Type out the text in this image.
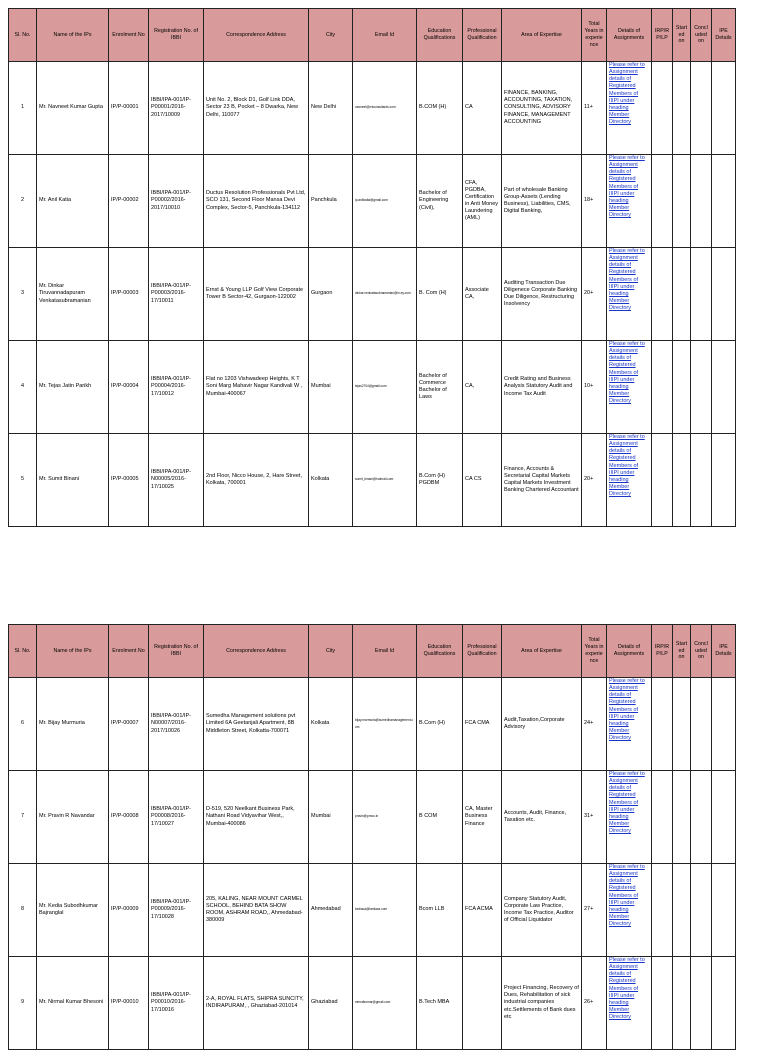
Sl. No.	Name of the IPs	Enrolment No	Registration No. of IBBI	Correspondence Address	City	Email Id	Education Qualifications	Professional Qualification	Area of Expertise	Total Years in experience	Details of Assignments	IRP/RP/LP	Started on	Concluded on	IPE Details
1	Mr. Navneet Kumar Gupta	IP/P-00001	IBBI/IPA-001/IP-P00001/2016-2017/10009	Unit No. 2, Block D1, Golf Link DDA, Sector 23 B, Pocket – 8 Dwarka, New Delhi, 110077	New Delhi	navneet@rrtconsultants.com	B.COM (H)	CA	FINANCE, BANKING, ACCOUNTING, TAXATION, CONSULTING, ADVISORY FINANCE, MANAGEMENT ACCOUNTING	11+	Please refer to Assignment details of Registered Members of IIIPI under heading Member Directory				
2	Mr. Anil Katia	IP/P-00002	IBBI/IPA-001/IP-P00002/2016-2017/10010	Ductus Resolution Professionals Pvt Ltd, SCO 131, Second Floor Mansa Devi Complex, Sector-5, Panchkula-134112	Panchkula	ip.anilkatia@gmail.com	Bachelor of Engineering (Civil),	CFA, PGDBA, Certification in Anti Money Laundering (AML)	Part of wholesale Banking Group-Assets (Lending Business), Liabilities, CMS, Digital Banking,	18+	Please refer to Assignment details of Registered Members of IIIPI under heading Member Directory				
3	Mr. Dinkar Tiruvannadapuram Venkatasubramanian	IP/P-00003	IBBI/IPA-001/IP-P00003/2016-17/10011	Ernst & Young LLP Golf View Corporate Tower B Sector-42, Gurgaon-122002	Gurgaon	dinkar.venkatasubramanian@in.ey.com	B. Com (H)	Associate CA,	Auditing Transaction Due Diligenece Corporate Banking Due Diligence, Restructuring Insolvency	20+	Please refer to Assignment details of Registered Members of IIIPI under heading Member Directory				
4	Mr. Tejas Jatin Parikh	IP/P-00004	IBBI/IPA-001/IP-P00004/2016-17/10012	Flat no 1203 Vishwadeep Heights, K T Soni Marg Mahavir Nagar Kandivali W , Mumbai-400067	Mumbai	tejas2704@gmail.com	Bachelor of Commerce Bachelor of Laws	CA,	Credit Rating and Business Analysis Statutory Audit and Income Tax Audit	10+	Please refer to Assignment details of Registered Members of IIIPI under heading Member Directory				
5	Mr. Sumit Binani	IP/P-00005	IBBI/IPA-001/IP-N00005/2016-17/10025	2nd Floor, Nicco House, 2, Hare Street, Kolkata, 700001	Kolkata	sumit_binani@hotmail.com	B.Com (H) PGDBM	CA CS	Finance, Accounts & Secretarial Capital Markets Capital Markets Investment Banking Chartered Accountant	20+	Please refer to Assignment details of Registered Members of IIIPI under heading Member Directory				
Sl. No.	Name of the IPs	Enrolment No	Registration No. of IBBI	Correspondence Address	City	Email Id	Education Qualifications	Professional Qualification	Area of Expertise	Total Years in experience	Details of Assignments	IRP/RP/LP	Started on	Concluded on	IPE Details
6	Mr. Bijay Murmuria	IP/P-00007	IBBI/IPA-001/IP-N00007/2016-2017/10026	Sumedha Management solutions pvt Limited 6A Geetanjali Apartment, 8B Middleton Street, Kolkatta-700071	Kolkata	bijay.murmuria@sumedhamanagement.com	B.Com (H)	FCA CMA	Audit,Taxation,Corporate Advisory	24+	Please refer to Assignment details of Registered Members of IIIPI under heading Member Directory				
7	Mr. Pravin R Navandar	IP/P-00008	IBBI/IPA-001/IP-P00008/2016-17/10027	D-519, 520 Neelkant Business Park, Nathani Road Vidyavihar West,, Mumbai-400086	Mumbai	pravin@prnco.in	B COM	CA, Master Business Finance	Accounts, Audit, Finance, Taxation etc.	31+	Please refer to Assignment details of Registered Members of IIIPI under heading Member Directory				
8	Mr. Kedia Subodhkumar Bajranglal	IP/P-00009	IBBI/IPA-001/IP-P00009/2016-17/10028	205, KALING, NEAR MOUNT CARMEL SCHOOL, BEHIND BATA SHOW ROOM, ASHRAM ROAD,, Ahmedabad-380009	Ahmedabad	kediaca@kediaca.com	Bcom LLB	FCA ACMA	Company Statutory Audit, Corporate Law Practice, Income Tax Practice, Auditor of Official Liquidator	27+	Please refer to Assignment details of Registered Members of IIIPI under heading Member Directory				
9	Mr. Nirmal Kumar Bhesoni	IP/P-00010	IBBI/IPA-001/IP-P00010/2016-17/10016	2-A, ROYAL FLATS, SHIPRA SUNCITY, INDIRAPURAM, , Ghaziabad-201014	Ghaziabad	nirmalkumar@gmail.com	B.Tech MBA		Project Financing, Recovery of Dues, Rehabilitation of sick industrial companies etc.Settlements of Bank dues etc	26+	Please refer to Assignment details of Registered Members of IIIPI under heading Member Directory				
